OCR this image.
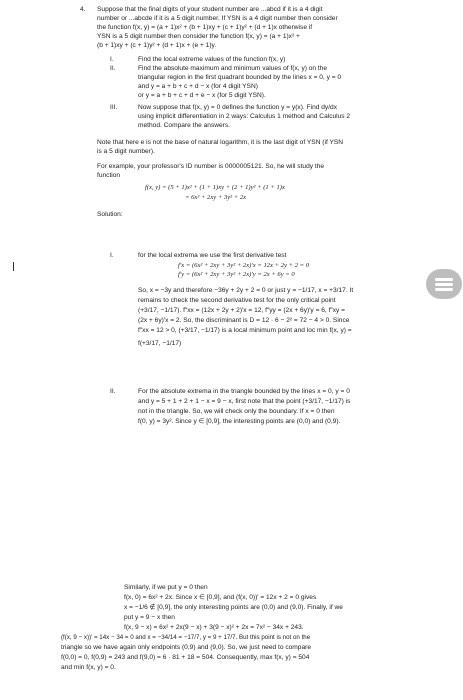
4. Suppose that the final digits of your student number are ...abcd if it is a 4 digit
number or ...abcde if it is a 5 digit number. If YSN is a 4 digit number then consider
the function f(x, y) = (a + 1)x² + (b + 1)xy + (c + 1)y² + (d + 1)x otherwise if
YSN is a 5 digit number then consider the function f(x, y) = (a + 1)x² +
(b + 1)xy + (c + 1)y² + (d + 1)x + (e + 1)y.
I.	Find the local extreme values of the function f(x, y)
II.	Find the absolute maximum and minimum values of f(x, y) on the
triangular region in the first quadrant bounded by the lines x = 0, y = 0
and y = a + b + c + d − x (for 4 digit YSN)
or y = a + b + c + d + e − x (for 5 digit YSN).
III.	Now suppose that f(x, y) = 0 defines the function y = y(x). Find dy/dx
using implicit differentiation in 2 ways: Calculus 1 method and Calculus 2
method. Compare the answers.
Note that here e is not the base of natural logarithm, it is the last digit of YSN (if YSN
is a 5 digit number).
For example, your professor's ID number is 0000005121. So, he will study the
function
f(x, y) = (5 + 1)x² + (1 + 1)xy + (2 + 1)y² + (1 + 1)x
= 6x² + 2xy + 3y² + 2x
Solution:
I.	for the local extrema we use the first derivative test
f′x = (6x² + 2xy + 3y² + 2x)′x = 12x + 2y + 2 = 0
f′y = (6x² + 2xy + 3y² + 2x)′y = 2x + 6y = 0
So, x = −3y and therefore −36y + 2y + 2 = 0 or just y = −1/17, x = +3/17. It
remains to check the second derivative test for the only critical point
(+3/17, −1/17). f″xx = (12x + 2y + 2)′x = 12, f″yy = (2x + 6y)′y = 6, f″xy =
(2x + 6y)′x = 2. So, the discriminant is D = 12 · 6 − 2² = 72 − 4 > 0. Since
f″xx = 12 > 0, (+3/17, −1/17) is a local minimum point and loc min f(x, y) =
f(+3/17, −1/17)
II.	For the absolute extrema in the triangle bounded by the lines x = 0, y = 0
and y = 5 + 1 + 2 + 1 − x = 9 − x, first note that the point (+3/17, −1/17) is
not in the triangle. So, we will check only the boundary. If x = 0 then
f(0, y) = 3y². Since y ∈ [0,9], the interesting points are (0,0) and (0,9).
Similarly, if we put y = 0 then
f(x, 0) = 6x² + 2x. Since x ∈ [0,9], and (f(x, 0))′ = 12x + 2 = 0 gives
x = −1/6 ∉ [0,9], the only interesting points are (0,0) and (9,0). Finally, if we
put y = 9 − x then
f(x, 9 − x) = 6x² + 2x(9 − x) + 3(9 − x)² + 2x = 7x² − 34x + 243.
(f(x, 9 − x))′ = 14x − 34 = 0 and x = −34/14 = −17/7, y = 9 + 17/7. But this point is not on the
triangle so we have again only endpoints (0,9) and (9,0). So, we just need to compare
f(0,0) = 0, f(0,9) = 243 and f(9,0) = 6 · 81 + 18 = 504. Consequently, max f(x, y) = 504
and min f(x, y) = 0.
